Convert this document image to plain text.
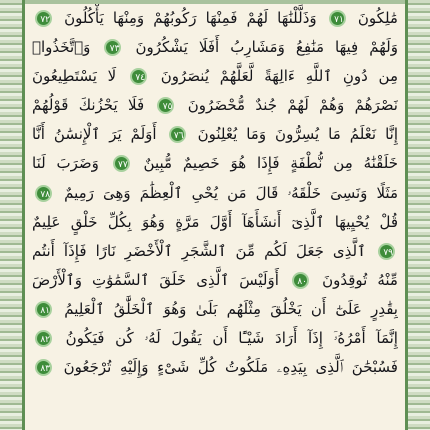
مَٰلِكُونَ ٧١ وَذَلَّلْنَٰهَا لَهُمْ فَمِنْهَا رَكُوبُهُمْ وَمِنْهَا يَأْكُلُونَ ٧٢
وَلَهُمْ فِيهَا مَنَٰفِعُ وَمَشَارِبُ أَفَلَا يَشْكُرُونَ ٧٣ وَٱتَّخَذُوا۟
مِن دُونِ ٱللَّهِ ءَالِهَةً لَّعَلَّهُمْ يُنصَرُونَ ٧٤ لَا يَسْتَطِيعُونَ
نَصْرَهُمْ وَهُمْ لَهُمْ جُندٌ مُّحْضَرُونَ ٧٥ فَلَا يَحْزُنكَ قَوْلُهُمْ
إِنَّا نَعْلَمُ مَا يُسِرُّونَ وَمَا يُعْلِنُونَ ٧٦ أَوَلَمْ يَرَ ٱلْإِنسَٰنُ أَنَّا
خَلَقْنَٰهُ مِن نُّطْفَةٍ فَإِذَا هُوَ خَصِيمٌ مُّبِينٌ ٧٧ وَضَرَبَ لَنَا
مَثَلًا وَنَسِىَ خَلْقَهُۥ قَالَ مَن يُحْىِ ٱلْعِظَٰمَ وَهِىَ رَمِيمٌ ٧٨
قُلْ يُحْيِيهَا ٱلَّذِىٓ أَنشَأَهَآ أَوَّلَ مَرَّةٍ وَهُوَ بِكُلِّ خَلْقٍ عَلِيمٌ
٧٩ ٱلَّذِى جَعَلَ لَكُم مِّنَ ٱلشَّجَرِ ٱلْأَخْضَرِ نَارًا فَإِذَآ أَنتُم
مِّنْهُ تُوقِدُونَ ٨٠ أَوَلَيْسَ ٱلَّذِى خَلَقَ ٱلسَّمَٰوَٰتِ وَٱلْأَرْضَ
بِقَٰدِرٍ عَلَىٰٓ أَن يَخْلُقَ مِثْلَهُم بَلَىٰ وَهُوَ ٱلْخَلَّٰقُ ٱلْعَلِيمُ ٨١
إِنَّمَآ أَمْرُهُۥٓ إِذَآ أَرَادَ شَيْـًٔا أَن يَقُولَ لَهُۥ كُن فَيَكُونُ ٨٢
فَسُبْحَٰنَ ٱلَّذِى بِيَدِهِۦ مَلَكُوتُ كُلِّ شَىْءٍ وَإِلَيْهِ تُرْجَعُونَ ٨٣
